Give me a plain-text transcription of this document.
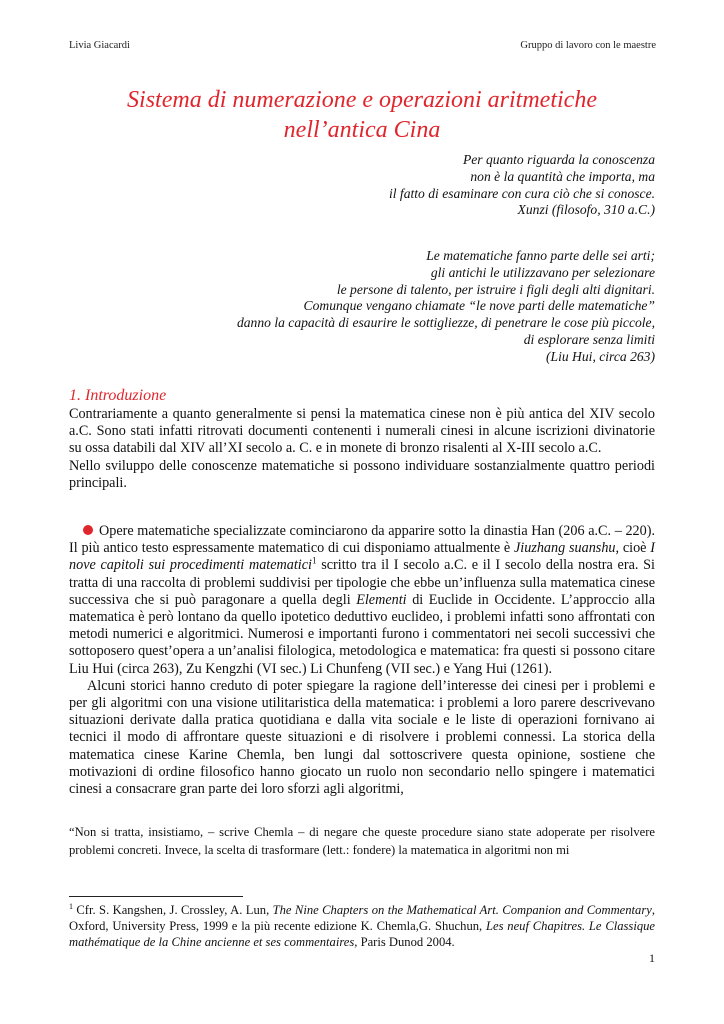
Livia Giacardi	Gruppo di lavoro con le maestre
Sistema di numerazione e operazioni aritmetiche
nell’antica Cina
Per quanto riguarda la conoscenza
non è la quantità che importa, ma
il fatto di esaminare con cura ciò che si conosce.
Xunzi (filosofo, 310 a.C.)
Le matematiche fanno parte delle sei arti;
gli antichi le utilizzavano per selezionare
le persone di talento, per istruire i figli degli alti dignitari.
Comunque vengano chiamate “le nove parti delle matematiche”
danno la capacità di esaurire le sottigliezze, di penetrare le cose più piccole,
di esplorare senza limiti
(Liu Hui, circa 263)
1. Introduzione

Contrariamente a quanto generalmente si pensi la matematica cinese non è più antica del XIV secolo a.C. Sono stati infatti ritrovati documenti contenenti i numerali cinesi in alcune iscrizioni divinatorie su ossa databili dal XIV all’XI secolo a. C. e in monete di bronzo risalenti al X-III secolo a.C.

Nello sviluppo delle conoscenze matematiche si possono individuare sostanzialmente quattro periodi principali.

Opere matematiche specializzate cominciarono da apparire sotto la dinastia Han (206 a.C. – 220). Il più antico testo espressamente matematico di cui disponiamo attualmente è Jiuzhang suanshu, cioè I nove capitoli sui procedimenti matematici$^1$ scritto tra il I secolo a.C. e il I secolo della nostra era. Si tratta di una raccolta di problemi suddivisi per tipologie che ebbe un’influenza sulla matematica cinese successiva che si può paragonare a quella degli Elementi di Euclide in Occidente. L’approccio alla matematica è però lontano da quello ipotetico deduttivo euclideo, i problemi infatti sono affrontati con metodi numerici e algoritmici. Numerosi e importanti furono i commentatori nei secoli successivi che sottoposero quest’opera a un’analisi filologica, metodologica e matematica: fra questi si possono citare Liu Hui (circa 263), Zu Kengzhi (VI sec.) Li Chunfeng (VII sec.) e Yang Hui (1261).

Alcuni storici hanno creduto di poter spiegare la ragione dell’interesse dei cinesi per i problemi e per gli algoritmi con una visione utilitaristica della matematica: i problemi a loro parere descrivevano situazioni derivate dalla pratica quotidiana e dalla vita sociale e le liste di operazioni fornivano ai tecnici il modo di affrontare queste situazioni e di risolvere i problemi connessi. La storica della matematica cinese Karine Chemla, ben lungi dal sottoscrivere questa opinione, sostiene che motivazioni di ordine filosofico hanno giocato un ruolo non secondario nello spingere i matematici cinesi a consacrare gran parte dei loro sforzi agli algoritmi,

“Non si tratta, insistiamo, – scrive Chemla – di negare che queste procedure siano state adoperate per risolvere problemi concreti. Invece, la scelta di trasformare (lett.: fondere) la matematica in algoritmi non mi
$^1$ Cfr. S. Kangshen, J. Crossley, A. Lun, The Nine Chapters on the Mathematical Art. Companion and Commentary, Oxford, University Press, 1999 e la più recente edizione K. Chemla,G. Shuchun, Les neuf Chapitres. Le Classique mathématique de la Chine ancienne et ses commentaires, Paris Dunod 2004.
1
